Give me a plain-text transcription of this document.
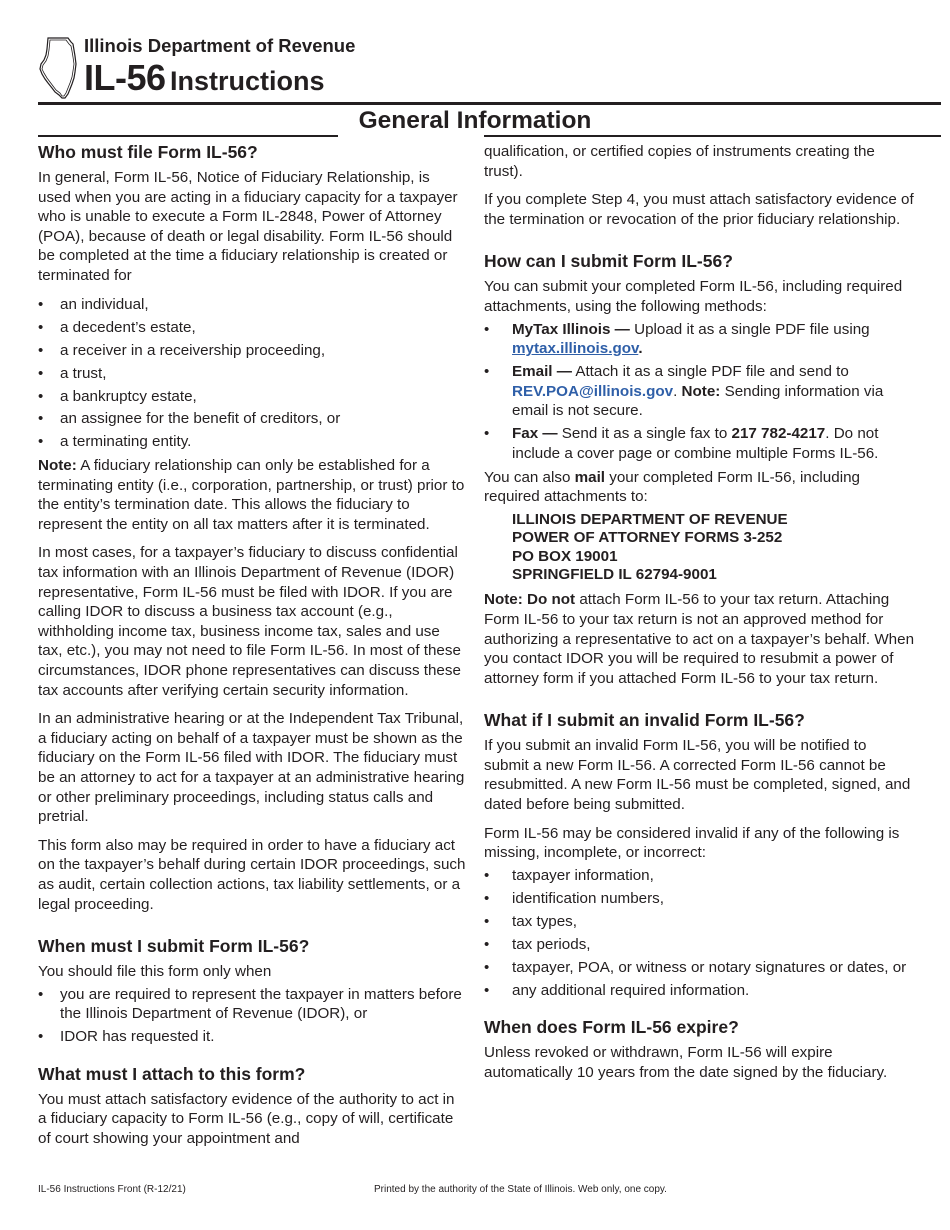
Illinois Department of Revenue
IL-56 Instructions
General Information
Who must file Form IL-56?

In general, Form IL-56, Notice of Fiduciary Relationship, is used when you are acting in a fiduciary capacity for a taxpayer who is unable to execute a Form IL-2848, Power of Attorney (POA), because of death or legal disability. Form IL-56 should be completed at the time a fiduciary relationship is created or terminated for

• an individual,
• a decedent’s estate,
• a receiver in a receivership proceeding,
• a trust,
• a bankruptcy estate,
• an assignee for the benefit of creditors, or
• a terminating entity.

Note: A fiduciary relationship can only be established for a terminating entity (i.e., corporation, partnership, or trust) prior to the entity’s termination date. This allows the fiduciary to represent the entity on all tax matters after it is terminated.

In most cases, for a taxpayer’s fiduciary to discuss confidential tax information with an Illinois Department of Revenue (IDOR) representative, Form IL-56 must be filed with IDOR. If you are calling IDOR to discuss a business tax account (e.g., withholding income tax, business income tax, sales and use tax, etc.), you may not need to file Form IL-56. In most of these circumstances, IDOR phone representatives can discuss these tax accounts after verifying certain security information.

In an administrative hearing or at the Independent Tax Tribunal, a fiduciary acting on behalf of a taxpayer must be shown as the fiduciary on the Form IL-56 filed with IDOR. The fiduciary must be an attorney to act for a taxpayer at an administrative hearing or other preliminary proceedings, including status calls and pretrial.

This form also may be required in order to have a fiduciary act on the taxpayer’s behalf during certain IDOR proceedings, such as audit, certain collection actions, tax liability settlements, or a legal proceeding.

When must I submit Form IL-56?

You should file this form only when

• you are required to represent the taxpayer in matters before the Illinois Department of Revenue (IDOR), or
• IDOR has requested it.
What must I attach to this form?

You must attach satisfactory evidence of the authority to act in a fiduciary capacity to Form IL-56 (e.g., copy of will, certificate of court showing your appointment and

qualification, or certified copies of instruments creating the trust).

If you complete Step 4, you must attach satisfactory evidence of the termination or revocation of the prior fiduciary relationship.

How can I submit Form IL-56?

You can submit your completed Form IL-56, including required attachments, using the following methods:

• MyTax Illinois — Upload it as a single PDF file using mytax.illinois.gov.
• Email — Attach it as a single PDF file and send to REV.POA@illinois.gov. Note: Sending information via email is not secure.
• Fax — Send it as a single fax to 217 782-4217. Do not include a cover page or combine multiple Forms IL-56.

You can also mail your completed Form IL-56, including required attachments to:

ILLINOIS DEPARTMENT OF REVENUE
POWER OF ATTORNEY FORMS 3-252
PO BOX 19001
SPRINGFIELD IL 62794-9001

Note: Do not attach Form IL-56 to your tax return. Attaching Form IL-56 to your tax return is not an approved method for authorizing a representative to act on a taxpayer’s behalf. When you contact IDOR you will be required to resubmit a power of attorney form if you attached Form IL-56 to your tax return.

What if I submit an invalid Form IL-56?

If you submit an invalid Form IL-56, you will be notified to submit a new Form IL-56. A corrected Form IL-56 cannot be resubmitted. A new Form IL-56 must be completed, signed, and dated before being submitted.

Form IL-56 may be considered invalid if any of the following is missing, incomplete, or incorrect:

• taxpayer information,
• identification numbers,
• tax types,
• tax periods,
• taxpayer, POA, or witness or notary signatures or dates, or
• any additional required information.
When does Form IL-56 expire?

Unless revoked or withdrawn, Form IL-56 will expire automatically 10 years from the date signed by the fiduciary.

IL-56 Instructions Front (R-12/21)	Printed by the authority of the State of Illinois. Web only, one copy.
